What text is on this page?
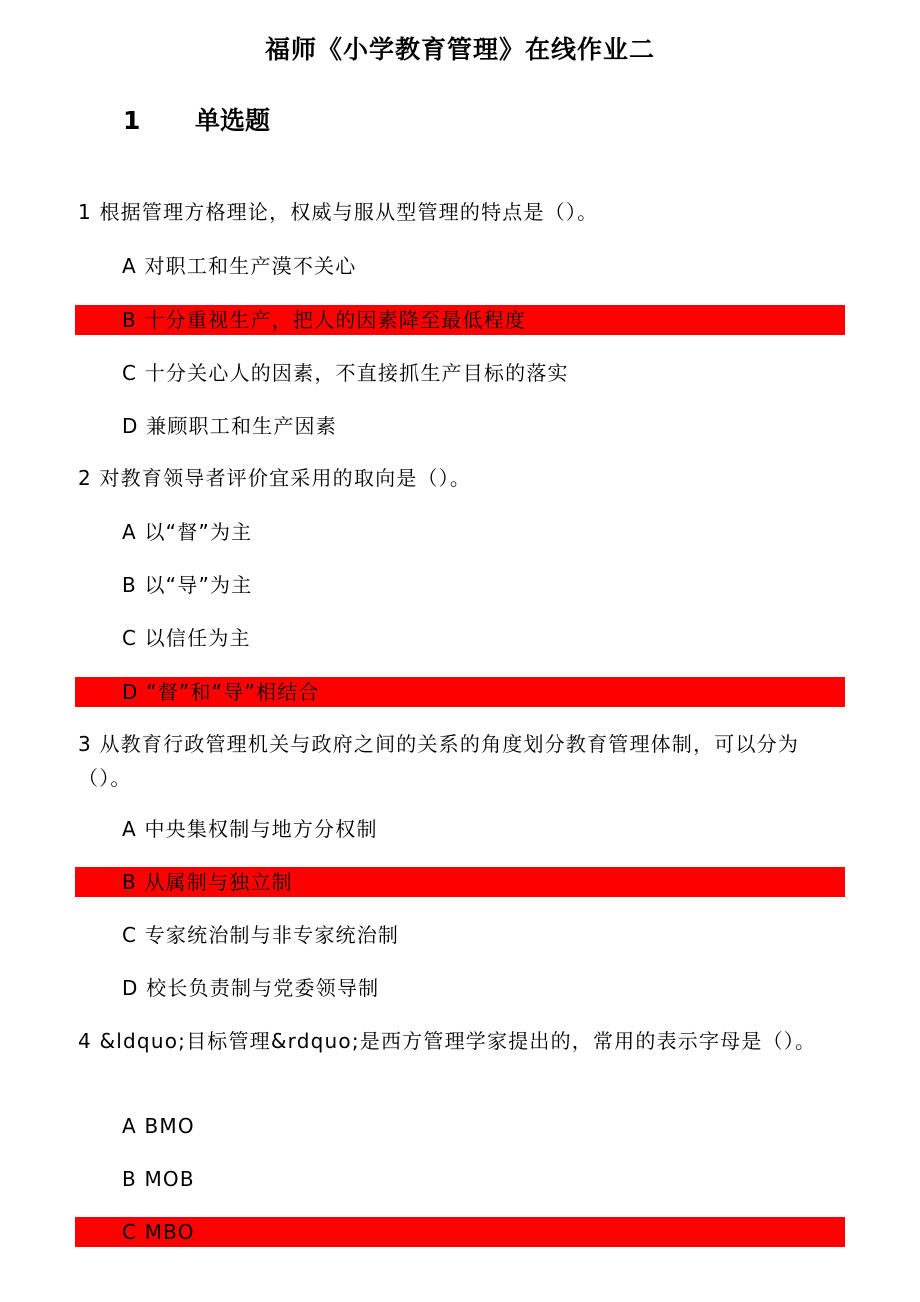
福师《小学教育管理》在线作业二
1 单选题
1 根据管理方格理论，权威与服从型管理的特点是（）。
A 对职工和生产漠不关心
B 十分重视生产，把人的因素降至最低程度
C 十分关心人的因素，不直接抓生产目标的落实
D 兼顾职工和生产因素
2 对教育领导者评价宜采用的取向是（）。
A 以“督”为主
B 以“导”为主
C 以信任为主
D “督”和“导”相结合
3 从教育行政管理机关与政府之间的关系的角度划分教育管理体制，可以分为（）。
A 中央集权制与地方分权制
B 从属制与独立制
C 专家统治制与非专家统治制
D 校长负责制与党委领导制
4 &ldquo;目标管理&rdquo;是西方管理学家提出的，常用的表示字母是（）。
A BMO
B MOB
C MBO
